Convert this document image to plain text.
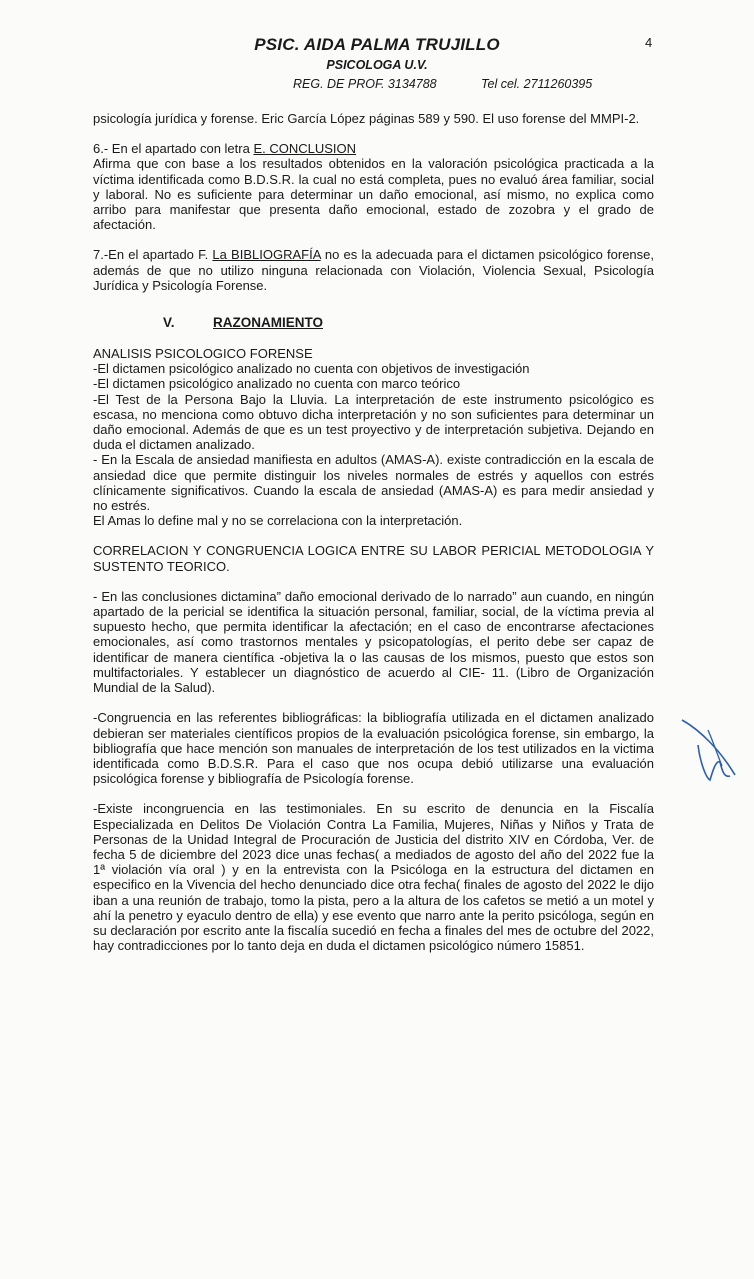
4
PSIC. AIDA PALMA TRUJILLO
PSICOLOGA U.V.
REG. DE PROF. 3134788	Tel cel. 2711260395

psicología jurídica y forense. Eric García López páginas 589 y 590. El uso forense del MMPI-2.

6.- En el apartado con letra E. CONCLUSION
Afirma que con base a los resultados obtenidos en la valoración psicológica practicada a la víctima identificada como B.D.S.R. la cual no está completa, pues no evaluó área familiar, social y laboral. No es suficiente para determinar un daño emocional, así mismo, no explica como arribo para manifestar que presenta daño emocional, estado de zozobra y el grado de afectación.

7.-En el apartado F. La BIBLIOGRAFÍA no es la adecuada para el dictamen psicológico forense, además de que no utilizo ninguna relacionada con Violación, Violencia Sexual, Psicología Jurídica y Psicología Forense.

V.	RAZONAMIENTO

ANALISIS PSICOLOGICO FORENSE

-El dictamen psicológico analizado no cuenta con objetivos de investigación

-El dictamen psicológico analizado no cuenta con marco teórico

-El Test de la Persona Bajo la Lluvia. La interpretación de este instrumento psicológico es escasa, no menciona como obtuvo dicha interpretación y no son suficientes para determinar un daño emocional. Además de que es un test proyectivo y de interpretación subjetiva. Dejando en duda el dictamen analizado.

- En la Escala de ansiedad manifiesta en adultos (AMAS-A). existe contradicción en la escala de ansiedad dice que permite distinguir los niveles normales de estrés y aquellos con estrés clínicamente significativos. Cuando la escala de ansiedad (AMAS-A) es para medir ansiedad y no estrés.

El Amas lo define mal y no se correlaciona con la interpretación.

CORRELACION Y CONGRUENCIA LOGICA ENTRE SU LABOR PERICIAL METODOLOGIA Y SUSTENTO TEORICO.

- En las conclusiones dictamina” daño emocional derivado de lo narrado” aun cuando, en ningún apartado de la pericial se identifica la situación personal, familiar, social, de la víctima previa al supuesto hecho, que permita identificar la afectación; en el caso de encontrarse afectaciones emocionales, así como trastornos mentales y psicopatologías, el perito debe ser capaz de identificar de manera científica -objetiva la o las causas de los mismos, puesto que estos son multifactoriales. Y establecer un diagnóstico de acuerdo al CIE- 11. (Libro de Organización Mundial de la Salud).

-Congruencia en las referentes bibliográficas: la bibliografía utilizada en el dictamen analizado debieran ser materiales científicos propios de la evaluación psicológica forense, sin embargo, la bibliografía que hace mención son manuales de interpretación de los test utilizados en la victima identificada como B.D.S.R. Para el caso que nos ocupa debió utilizarse una evaluación psicológica forense y bibliografía de Psicología forense.

-Existe incongruencia en las testimoniales. En su escrito de denuncia en la Fiscalía Especializada en Delitos De Violación Contra La Familia, Mujeres, Niñas y Niños y Trata de Personas de la Unidad Integral de Procuración de Justicia del distrito XIV en Córdoba, Ver. de fecha 5 de diciembre del 2023 dice unas fechas( a mediados de agosto del año del 2022 fue la 1ª violación vía oral ) y en la entrevista con la Psicóloga en la estructura del dictamen en especifico en la Vivencia del hecho denunciado dice otra fecha( finales de agosto del 2022 le dijo iban a una reunión de trabajo, tomo la pista, pero a la altura de los cafetos se metió a un motel y ahí la penetro y eyaculo dentro de ella) y ese evento que narro ante la perito psicóloga, según en su declaración por escrito ante la fiscalía sucedió en fecha a finales del mes de octubre del 2022, hay contradicciones por lo tanto deja en duda el dictamen psicológico número 15851.
